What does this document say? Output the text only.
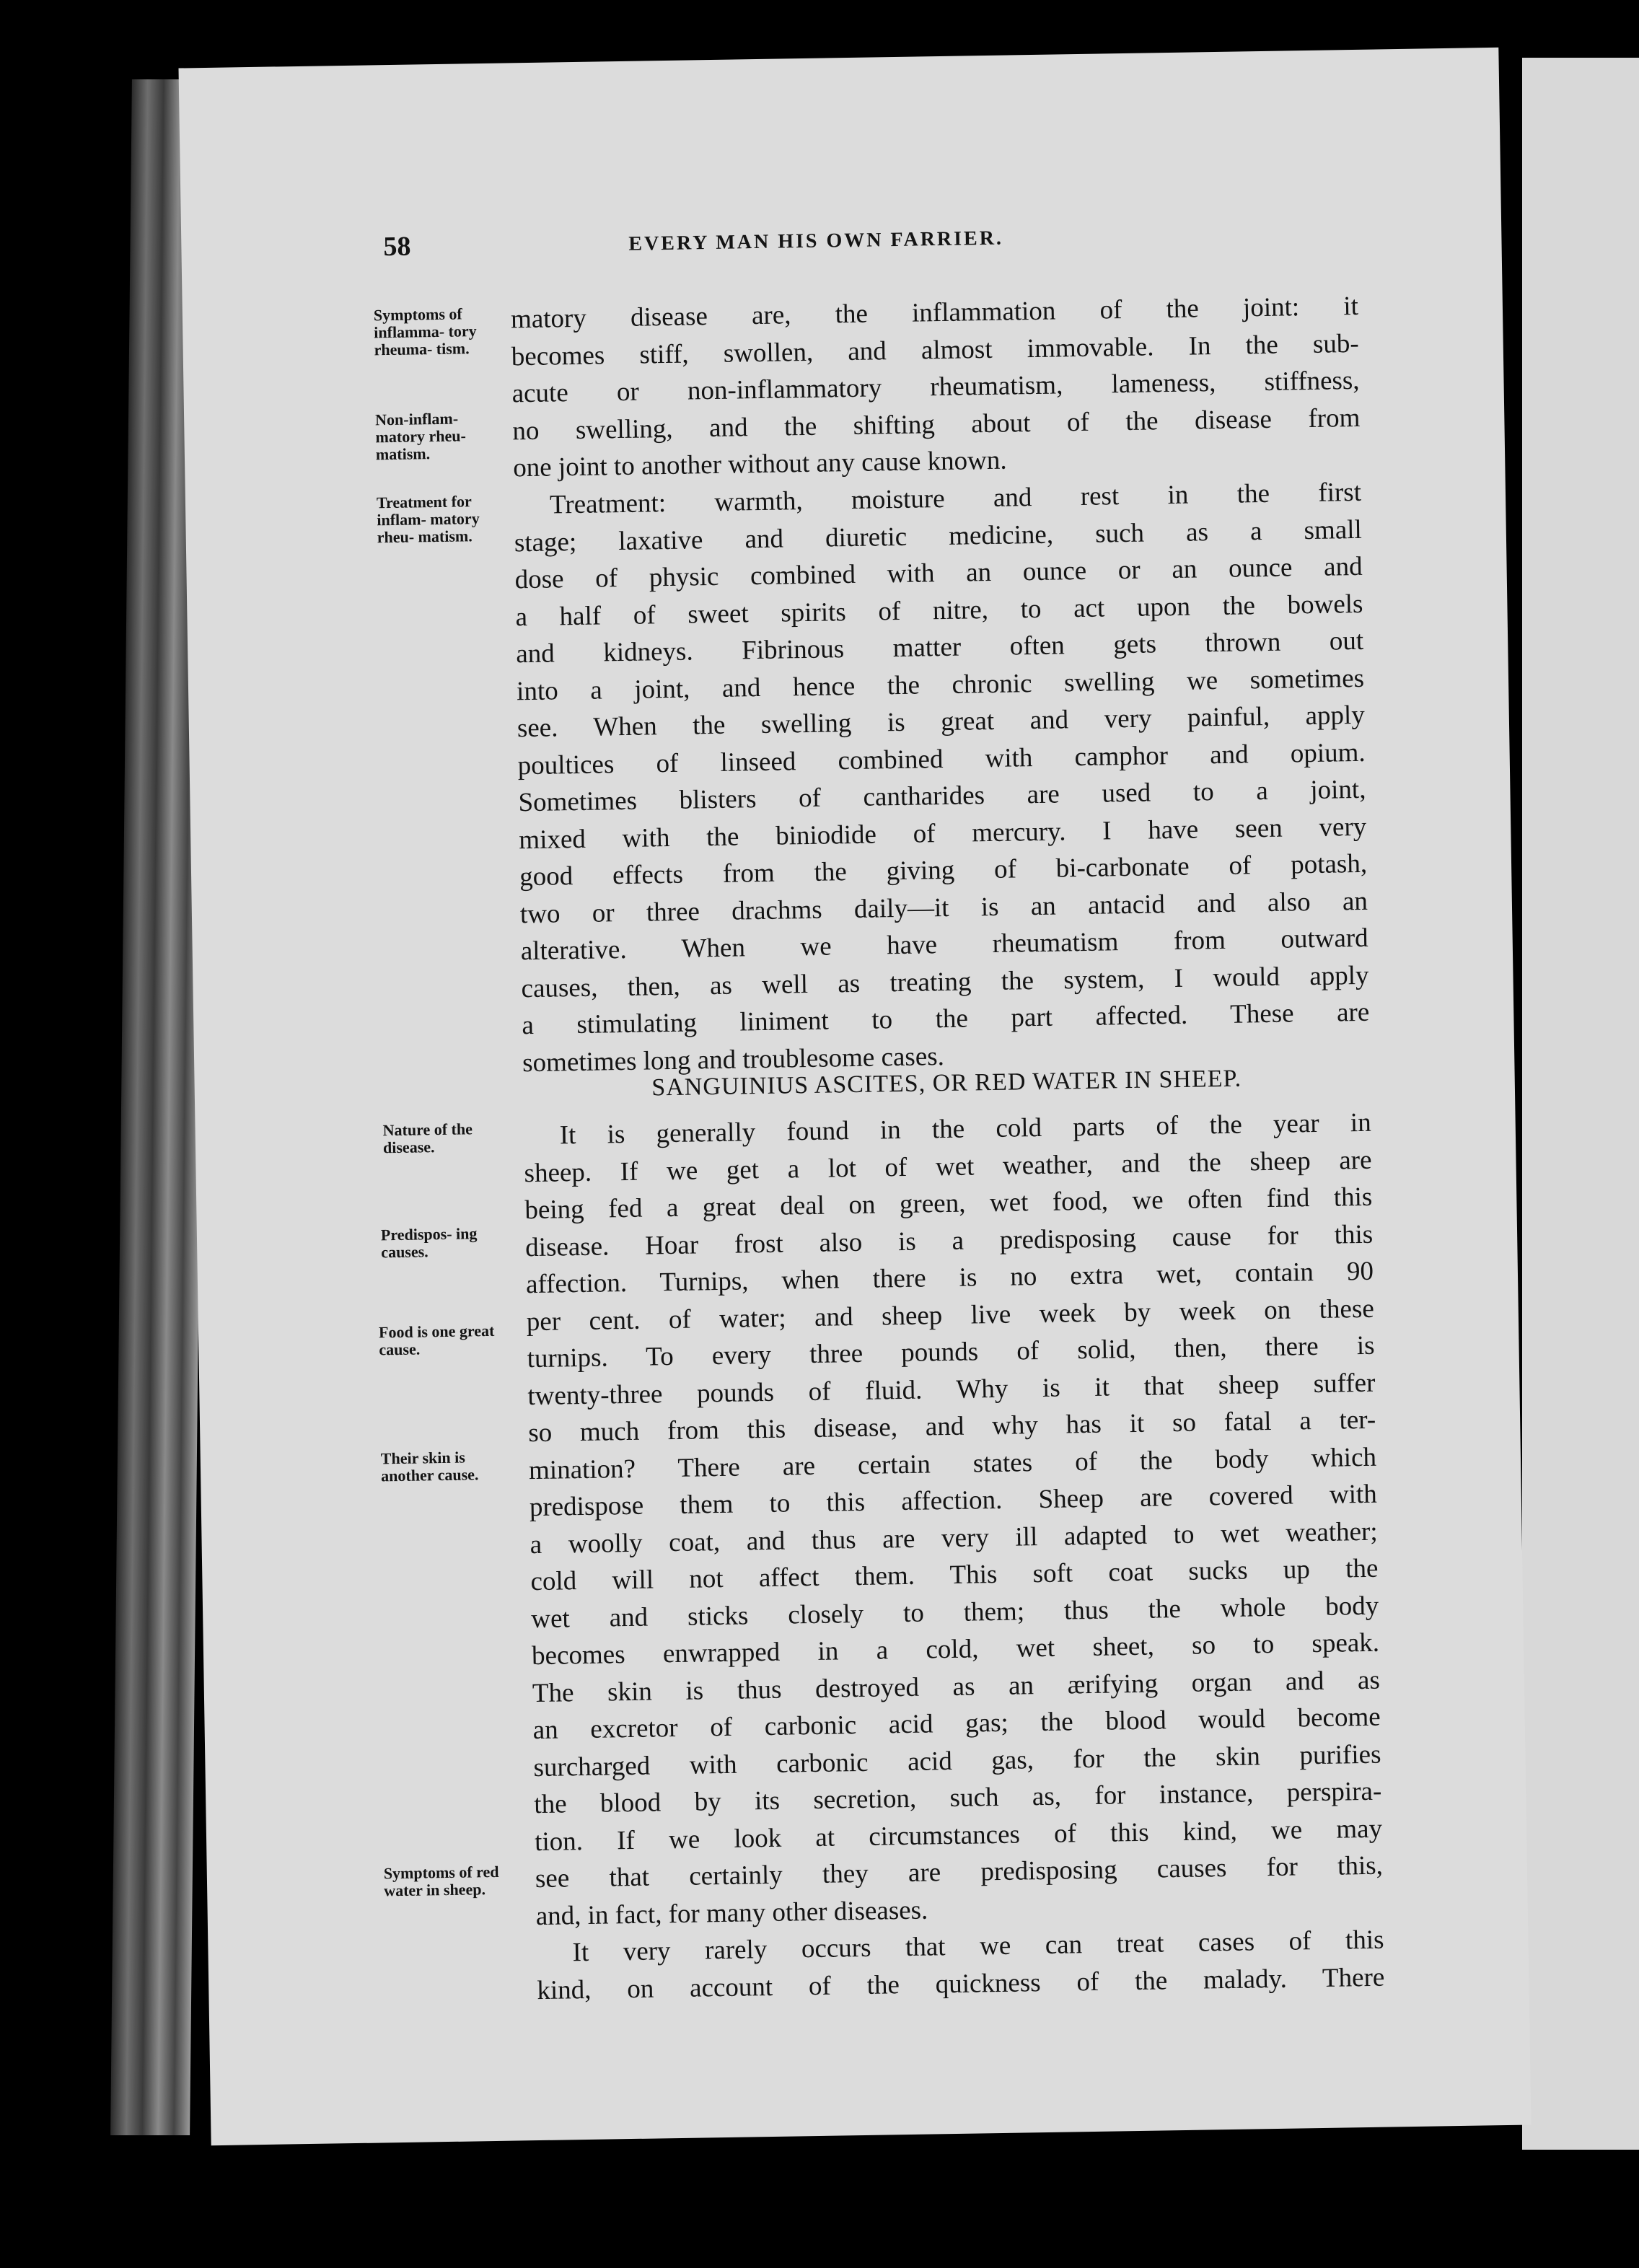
58	EVERY MAN HIS OWN FARRIER.
Symptoms of inflamma- tory rheuma- tism.
Non-inflam- matory rheu- matism.
Treatment for inflam- matory rheu- matism.
Nature of the disease.
Predispos- ing causes.
Food is one great cause.
Their skin is another cause.
Symptoms of red water in sheep.
matory disease are, the inflammation of the joint: it
becomes stiff, swollen, and almost immovable. In the sub-
acute or non-inflammatory rheumatism, lameness, stiffness,
no swelling, and the shifting about of the disease from
one joint to another without any cause known.
Treatment: warmth, moisture and rest in the first
stage; laxative and diuretic medicine, such as a small
dose of physic combined with an ounce or an ounce and
a half of sweet spirits of nitre, to act upon the bowels
and kidneys. Fibrinous matter often gets thrown out
into a joint, and hence the chronic swelling we sometimes
see. When the swelling is great and very painful, apply
poultices of linseed combined with camphor and opium.
Sometimes blisters of cantharides are used to a joint,
mixed with the biniodide of mercury. I have seen very
good effects from the giving of bi-carbonate of potash,
two or three drachms daily—it is an antacid and also an
alterative. When we have rheumatism from outward
causes, then, as well as treating the system, I would apply
a stimulating liniment to the part affected. These are
sometimes long and troublesome cases.
SANGUINIUS ASCITES, OR RED WATER IN SHEEP.
It is generally found in the cold parts of the year in
sheep. If we get a lot of wet weather, and the sheep are
being fed a great deal on green, wet food, we often find this
disease. Hoar frost also is a predisposing cause for this
affection. Turnips, when there is no extra wet, contain 90
per cent. of water; and sheep live week by week on these
turnips. To every three pounds of solid, then, there is
twenty-three pounds of fluid. Why is it that sheep suffer
so much from this disease, and why has it so fatal a ter-
mination? There are certain states of the body which
predispose them to this affection. Sheep are covered with
a woolly coat, and thus are very ill adapted to wet weather;
cold will not affect them. This soft coat sucks up the
wet and sticks closely to them; thus the whole body
becomes enwrapped in a cold, wet sheet, so to speak.
The skin is thus destroyed as an ærifying organ and as
an excretor of carbonic acid gas; the blood would become
surcharged with carbonic acid gas, for the skin purifies
the blood by its secretion, such as, for instance, perspira-
tion. If we look at circumstances of this kind, we may
see that certainly they are predisposing causes for this,
and, in fact, for many other diseases.
It very rarely occurs that we can treat cases of this
kind, on account of the quickness of the malady. There
